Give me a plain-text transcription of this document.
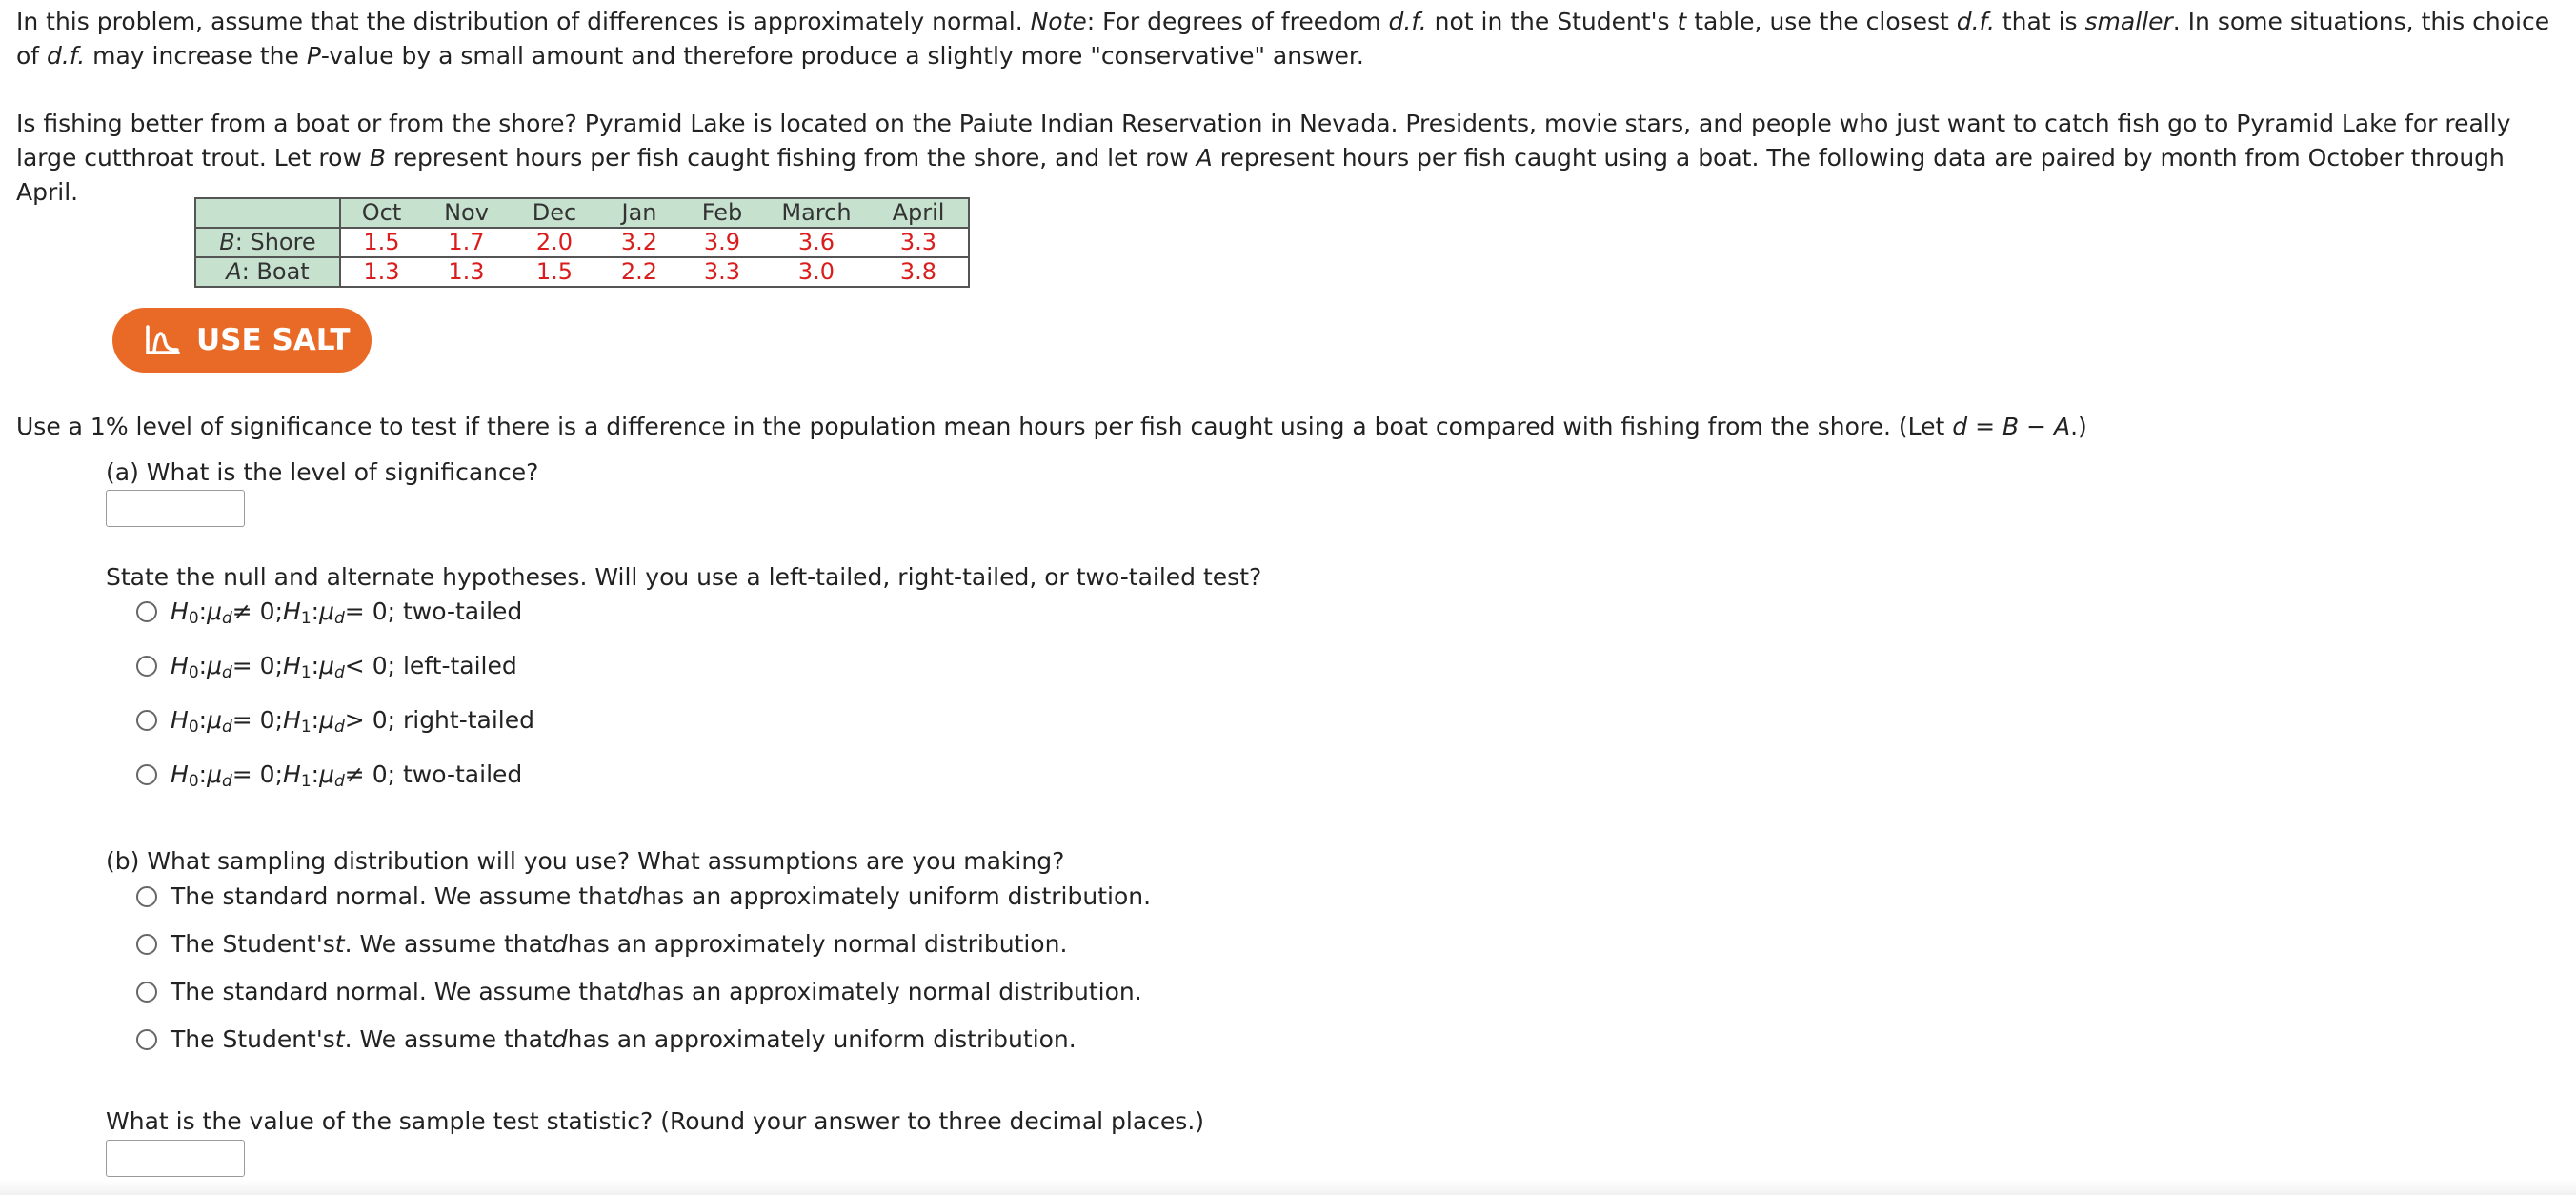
In this problem, assume that the distribution of differences is approximately normal. Note: For degrees of freedom d.f. not in the Student's t table, use the closest d.f. that is smaller. In some situations, this choice of d.f. may increase the P-value by a small amount and therefore produce a slightly more "conservative" answer.

Is fishing better from a boat or from the shore? Pyramid Lake is located on the Paiute Indian Reservation in Nevada. Presidents, movie stars, and people who just want to catch fish go to Pyramid Lake for really large cutthroat trout. Let row B represent hours per fish caught fishing from the shore, and let row A represent hours per fish caught using a boat. The following data are paired by month from October through April.

	Oct	Nov	Dec	Jan	Feb	March	April
B: Shore	1.5	1.7	2.0	3.2	3.9	3.6	3.3
A: Boat	1.3	1.3	1.5	2.2	3.3	3.0	3.8
USE SALT
Use a 1% level of significance to test if there is a difference in the population mean hours per fish caught using a boat compared with fishing from the shore. (Let d = B − A.)
(a) What is the level of significance?
State the null and alternate hypotheses. Will you use a left-tailed, right-tailed, or two-tailed test?
H 0 : μ d ≠ 0; H 1 : μ d = 0; two-tailed
H 0 : μ d = 0; H 1 : μ d < 0; left-tailed
H 0 : μ d = 0; H 1 : μ d > 0; right-tailed
H 0 : μ d = 0; H 1 : μ d ≠ 0; two-tailed
(b) What sampling distribution will you use? What assumptions are you making?
The standard normal. We assume that d has an approximately uniform distribution.
The Student's t . We assume that d has an approximately normal distribution.
The standard normal. We assume that d has an approximately normal distribution.
The Student's t . We assume that d has an approximately uniform distribution.
What is the value of the sample test statistic? (Round your answer to three decimal places.)
